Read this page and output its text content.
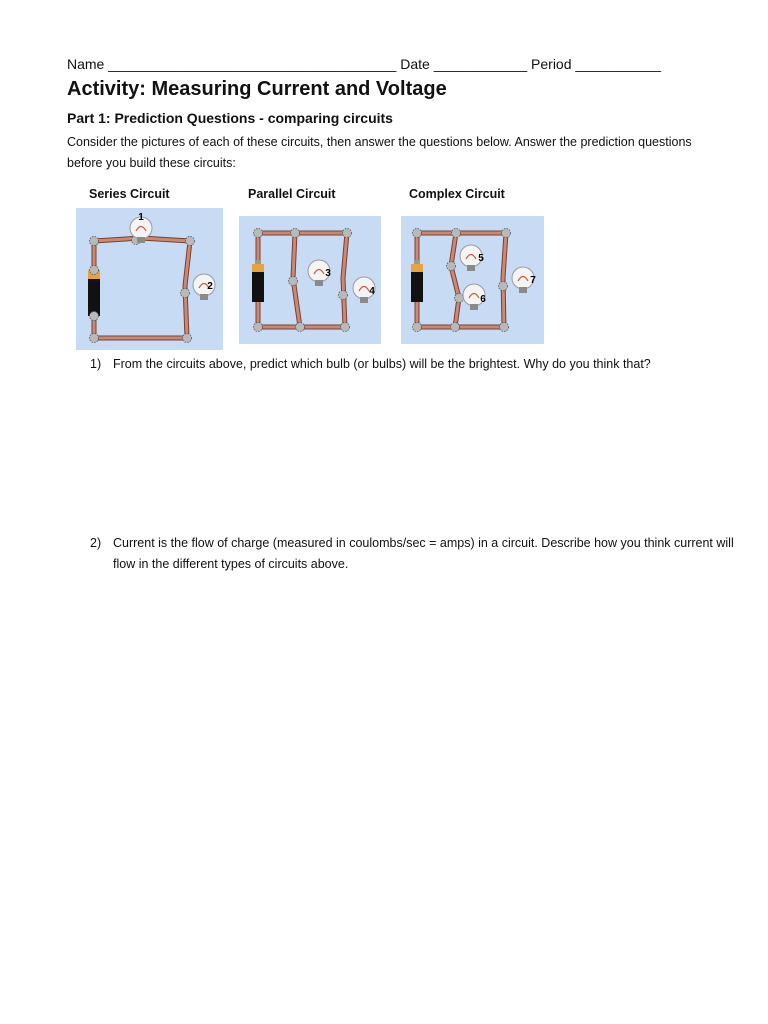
Name _____________________________________ Date ____________ Period ___________
Activity: Measuring Current and Voltage
Part 1: Prediction Questions - comparing circuits

Consider the pictures of each of these circuits, then answer the questions below. Answer the prediction questions before you build these circuits:

Series Circuit	Parallel Circuit	Complex Circuit
1
2
3
4
5
6
7
1) From the circuits above, predict which bulb (or bulbs) will be the brightest. Why do you think that?
2) Current is the flow of charge (measured in coulombs/sec = amps) in a circuit. Describe how you think current will flow in the different types of circuits above.
